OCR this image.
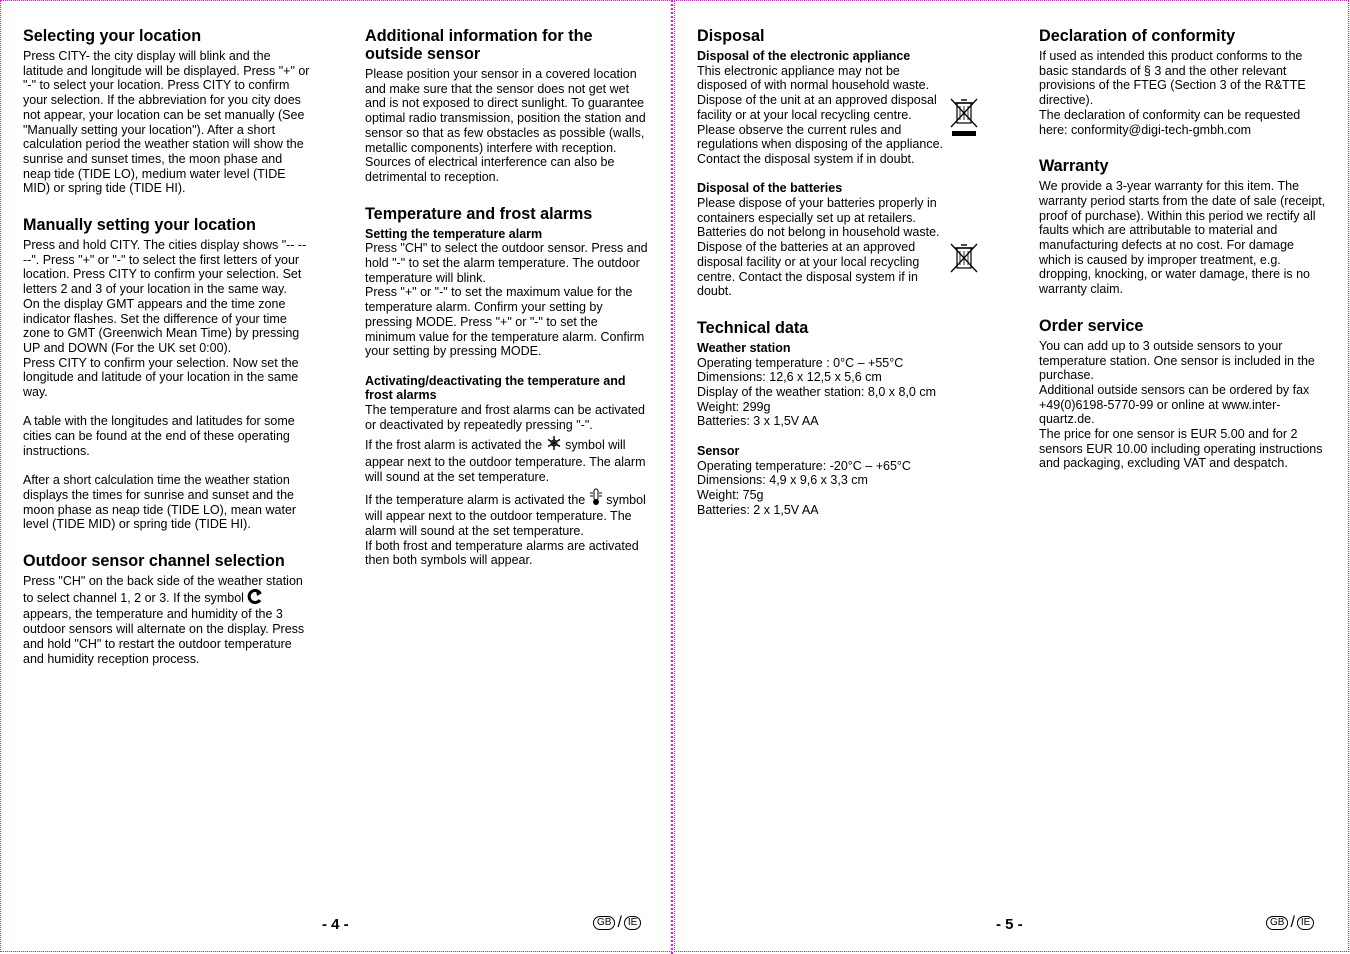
Selecting your location

Press CITY- the city display will blink and the latitude and longitude will be displayed. Press "+" or "-" to select your location. Press CITY to confirm your selection. If the abbreviation for you city does not appear, your location can be set manually (See "Manually setting your location"). After a short calculation period the weather station will show the sunrise and sunset times, the moon phase and neap tide (TIDE LO), medium water level (TIDE MID) or spring tide (TIDE HI).

Manually setting your location

Press and hold CITY. The cities display shows "-- -- --". Press "+" or "-" to select the first letters of your location. Press CITY to confirm your selection. Set letters 2 and 3 of your location in the same way.

On the display GMT appears and the time zone indicator flashes. Set the difference of your time zone to GMT (Greenwich Mean Time) by pressing UP and DOWN (For the UK set 0:00).

Press CITY to confirm your selection. Now set the longitude and latitude of your location in the same way.

A table with the longitudes and latitudes for some cities can be found at the end of these operating instructions.

After a short calculation time the weather station displays the times for sunrise and sunset and the moon phase as neap tide (TIDE LO), mean water level (TIDE MID) or spring tide (TIDE HI).

Outdoor sensor channel selection

Press "CH" on the back side of the weather station to select channel 1, 2 or 3. If the symbol  appears, the temperature and humidity of the 3 outdoor sensors will alternate on the display. Press and hold "CH" to restart the outdoor temperature and humidity reception process.

Additional information for the outside sensor

Please position your sensor in a covered location and make sure that the sensor does not get wet and is not exposed to direct sunlight. To guarantee optimal radio transmission, position the station and sensor so that as few obstacles as possible (walls, metallic components) interfere with reception.

Sources of electrical interference can also be detrimental to reception.

Temperature and frost alarms
Setting the temperature alarm

Press "CH" to select the outdoor sensor. Press and hold "-" to set the alarm temperature. The outdoor temperature will blink.

Press "+" or "-" to set the maximum value for the temperature alarm. Confirm your setting by pressing MODE. Press "+" or "-" to set the minimum value for the temperature alarm. Confirm your setting by pressing MODE.

Activating/deactivating the temperature and frost alarms

The temperature and frost alarms can be activated or deactivated by repeatedly pressing "-".

If the frost alarm is activated the symbol will appear next to the outdoor temperature. The alarm will sound at the set temperature.

If the temperature alarm is activated the symbol will appear next to the outdoor temperature. The alarm will sound at the set temperature.

If both frost and temperature alarms are activated then both symbols will appear.

- 4 -	GB / IE
Disposal
Disposal of the electronic appliance

This electronic appliance may not be disposed of with normal household waste. Dispose of the unit at an approved disposal facility or at your local recycling centre. Please observe the current rules and regulations when disposing of the appliance. Contact the disposal system if in doubt.

Disposal of the batteries

Please dispose of your batteries properly in containers especially set up at retailers. Batteries do not belong in household waste. Dispose of the batteries at an approved disposal facility or at your local recycling centre. Contact the disposal system if in doubt.

Technical data
Weather station

Operating temperature : 0°C – +55°C

Dimensions: 12,6 x 12,5 x 5,6 cm

Display of the weather station: 8,0 x 8,0 cm

Weight: 299g

Batteries: 3 x 1,5V AA

Sensor

Operating temperature: -20°C – +65°C

Dimensions: 4,9 x 9,6 x 3,3 cm

Weight: 75g

Batteries: 2 x 1,5V AA

Declaration of conformity

If used as intended this product conforms to the basic standards of § 3 and the other relevant provisions of the FTEG (Section 3 of the R&TTE directive).

The declaration of conformity can be requested here: conformity@digi-tech-gmbh.com

Warranty

We provide a 3-year warranty for this item. The warranty period starts from the date of sale (receipt, proof of purchase). Within this period we rectify all faults which are attributable to material and manufacturing defects at no cost. For damage which is caused by improper treatment, e.g. dropping, knocking, or water damage, there is no warranty claim.

Order service

You can add up to 3 outside sensors to your temperature station. One sensor is included in the purchase.

Additional outside sensors can be ordered by fax +49(0)6198-5770-99 or online at www.inter-quartz.de.

The price for one sensor is EUR 5.00 and for 2 sensors EUR 10.00 including operating instructions and packaging, excluding VAT and despatch.

- 5 -	GB / IE
